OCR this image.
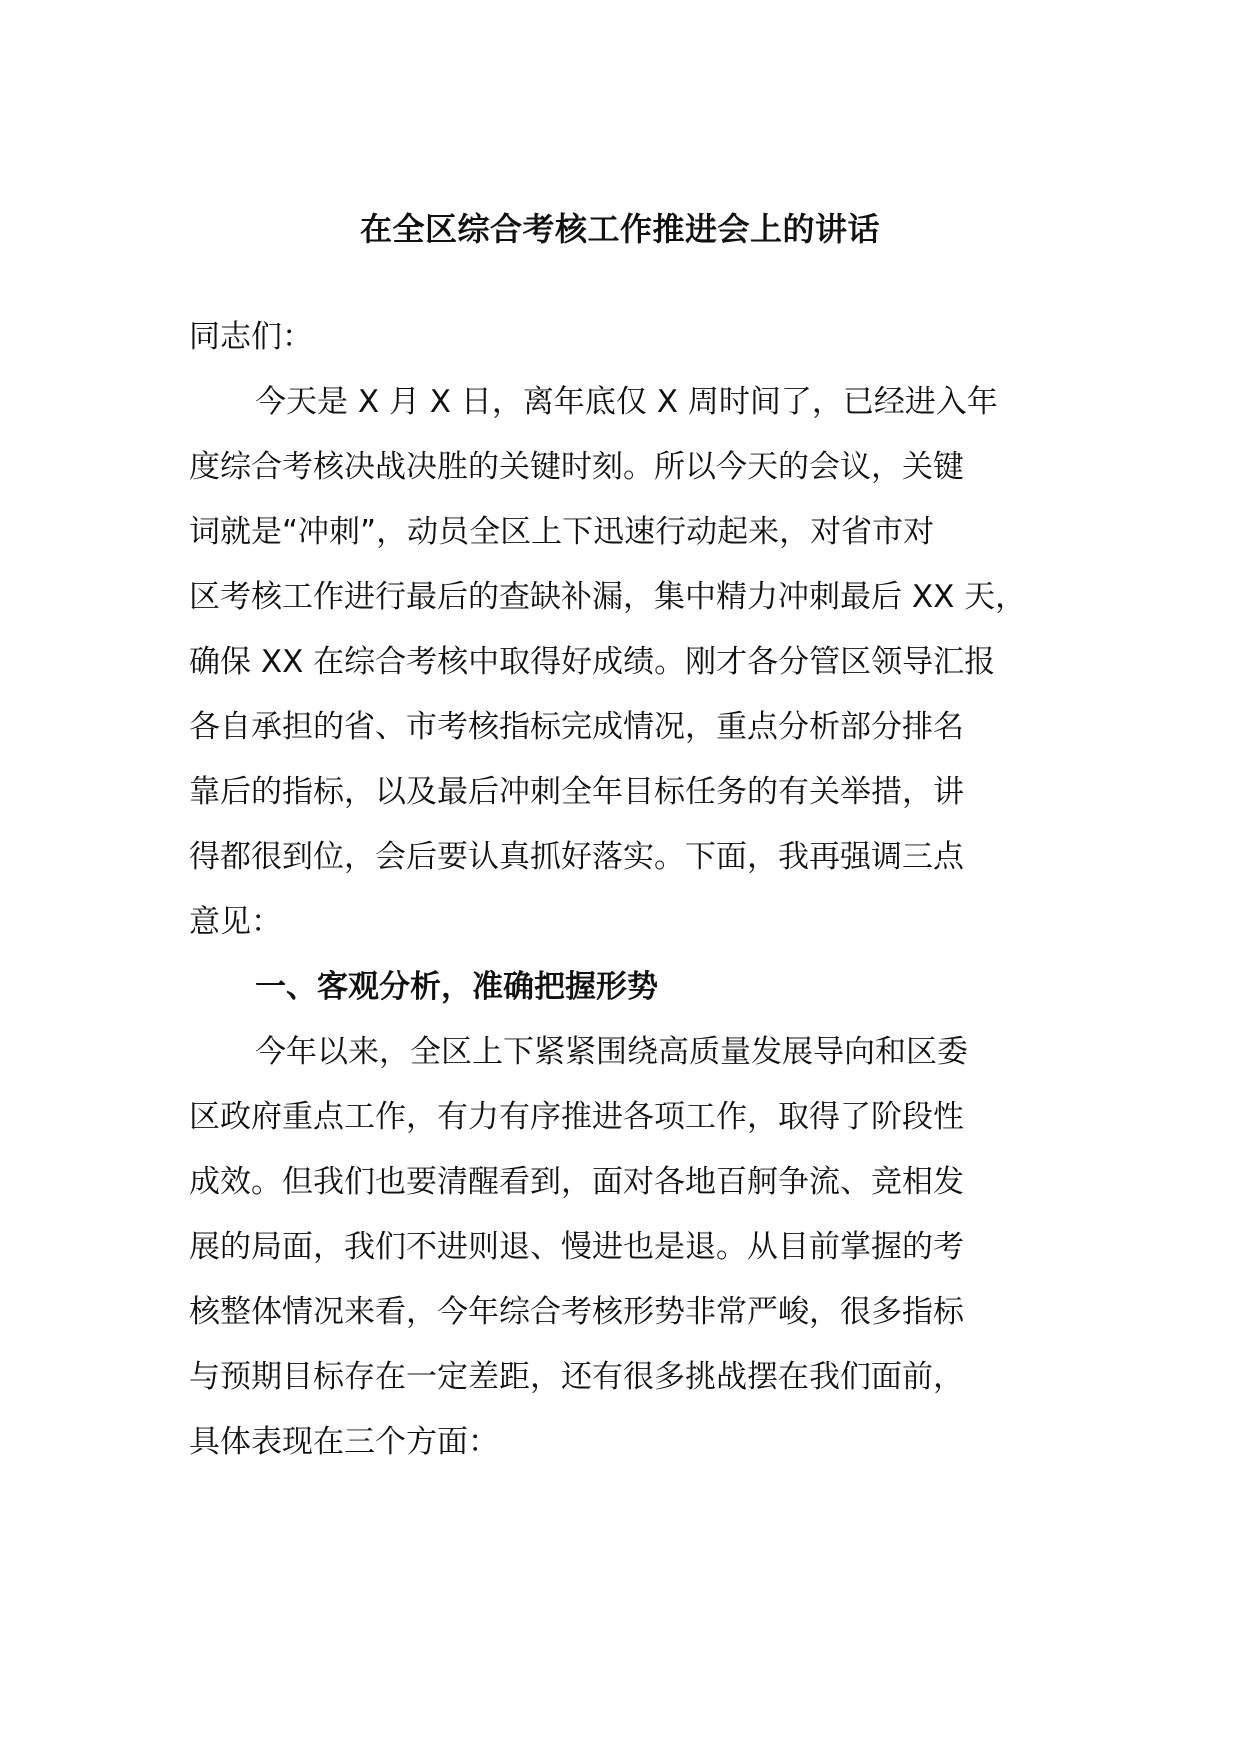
在全区综合考核工作推进会上的讲话
同志们：
今天是 X 月 X 日，离年底仅 X 周时间了，已经进入年
度综合考核决战决胜的关键时刻。所以今天的会议，关键
词就是“冲刺”，动员全区上下迅速行动起来，对省市对
区考核工作进行最后的查缺补漏，集中精力冲刺最后 XX 天，
确保 XX 在综合考核中取得好成绩。刚才各分管区领导汇报
各自承担的省、市考核指标完成情况，重点分析部分排名
靠后的指标，以及最后冲刺全年目标任务的有关举措，讲
得都很到位，会后要认真抓好落实。下面，我再强调三点
意见：
一、客观分析，准确把握形势
今年以来，全区上下紧紧围绕高质量发展导向和区委
区政府重点工作，有力有序推进各项工作，取得了阶段性
成效。但我们也要清醒看到，面对各地百舸争流、竞相发
展的局面，我们不进则退、慢进也是退。从目前掌握的考
核整体情况来看，今年综合考核形势非常严峻，很多指标
与预期目标存在一定差距，还有很多挑战摆在我们面前，
具体表现在三个方面：
